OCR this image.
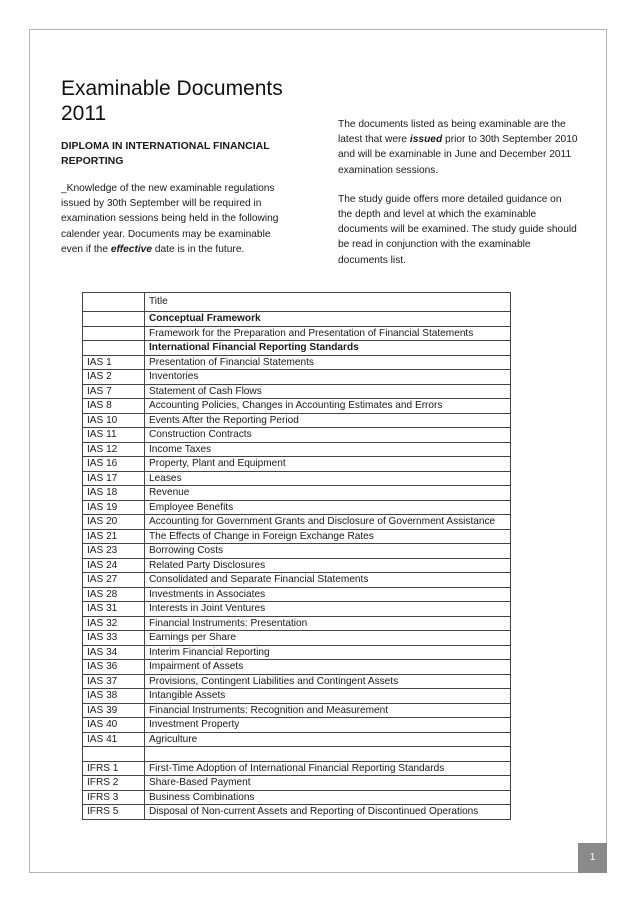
Examinable Documents
2011
DIPLOMA IN INTERNATIONAL FINANCIAL REPORTING

_Knowledge of the new examinable regulations issued by 30th September will be required in examination sessions being held in the following calender year. Documents may be examinable even if the effective date is in the future.

The documents listed as being examinable are the latest that were issued prior to 30th September 2010 and will be examinable in June and December 2011 examination sessions.

The study guide offers more detailed guidance on the depth and level at which the examinable documents will be examined. The study guide should be read in conjunction with the examinable documents list.

	Title
	Conceptual Framework
	Framework for the Preparation and Presentation of Financial Statements
	International Financial Reporting Standards
IAS 1	Presentation of Financial Statements
IAS 2	Inventories
IAS 7	Statement of Cash Flows
IAS 8	Accounting Policies, Changes in Accounting Estimates and Errors
IAS 10	Events After the Reporting Period
IAS 11	Construction Contracts
IAS 12	Income Taxes
IAS 16	Property, Plant and Equipment
IAS 17	Leases
IAS 18	Revenue
IAS 19	Employee Benefits
IAS 20	Accounting for Government Grants and Disclosure of Government Assistance
IAS 21	The Effects of Change in Foreign Exchange Rates
IAS 23	Borrowing Costs
IAS 24	Related Party Disclosures
IAS 27	Consolidated and Separate Financial Statements
IAS 28	Investments in Associates
IAS 31	Interests in Joint Ventures
IAS 32	Financial Instruments: Presentation
IAS 33	Earnings per Share
IAS 34	Interim Financial Reporting
IAS 36	Impairment of Assets
IAS 37	Provisions, Contingent Liabilities and Contingent Assets
IAS 38	Intangible Assets
IAS 39	Financial Instruments: Recognition and Measurement
IAS 40	Investment Property
IAS 41	Agriculture

IFRS 1	First-Time Adoption of International Financial Reporting Standards
IFRS 2	Share-Based Payment
IFRS 3	Business Combinations
IFRS 5	Disposal of Non-current Assets and Reporting of Discontinued Operations
1
